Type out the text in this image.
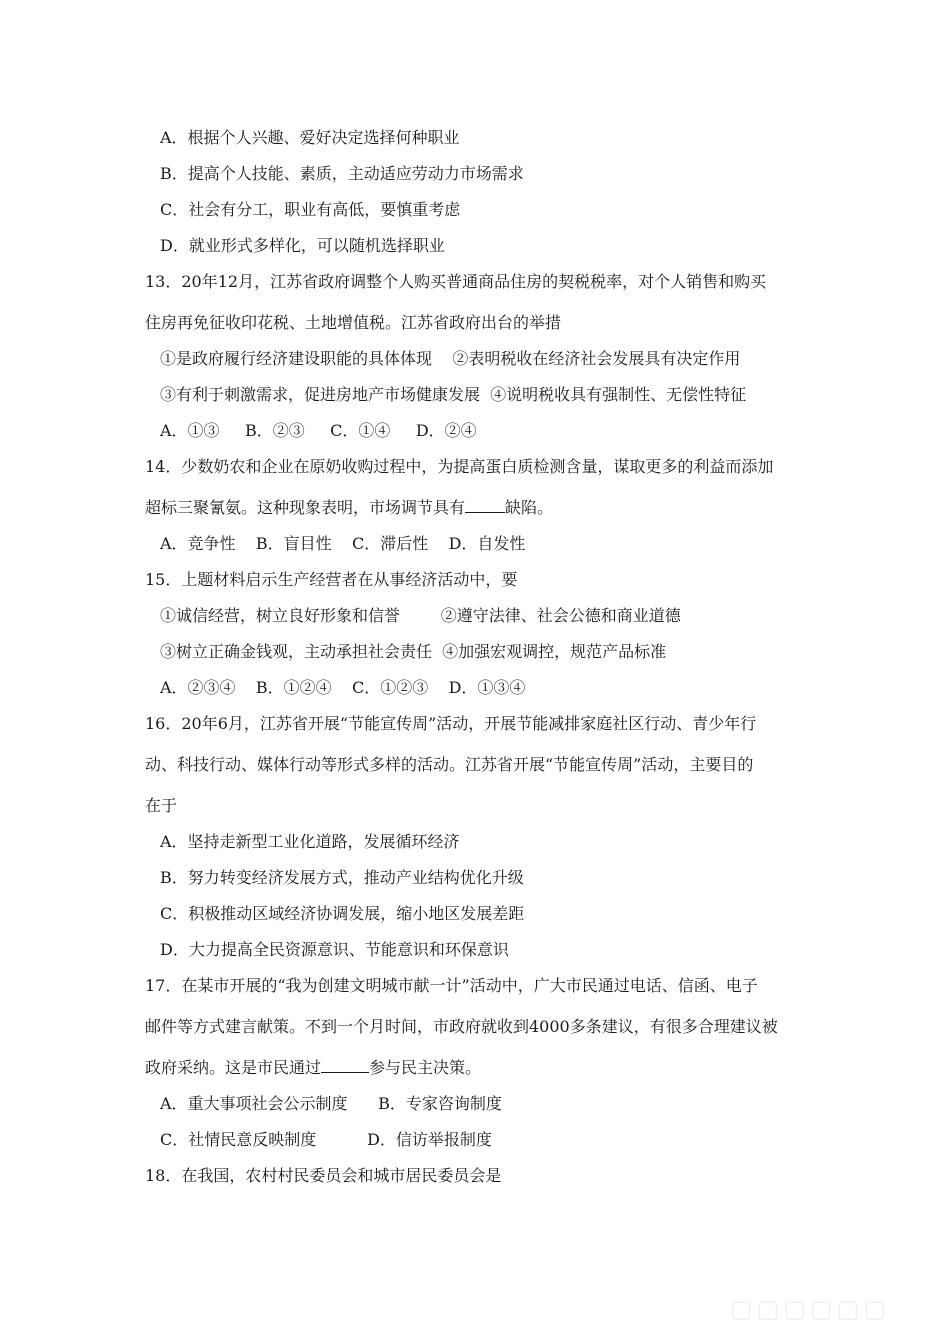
A．根据个人兴趣、爱好决定选择何种职业
B．提高个人技能、素质，主动适应劳动力市场需求
C．社会有分工，职业有高低，要慎重考虑
D．就业形式多样化，可以随机选择职业
13．20年12月，江苏省政府调整个人购买普通商品住房的契税税率，对个人销售和购买
住房再免征收印花税、土地增值税。江苏省政府出台的举措
①是政府履行经济建设职能的具体体现    ②表明税收在经济社会发展具有决定作用
③有利于刺激需求，促进房地产市场健康发展  ④说明税收具有强制性、无偿性特征
A．①③     B．②③     C．①④     D．②④
14．少数奶农和企业在原奶收购过程中，为提高蛋白质检测含量，谋取更多的利益而添加
超标三聚氰氨。这种现象表明，市场调节具有	缺陷。
A．竞争性    B．盲目性    C．滞后性    D．自发性
15．上题材料启示生产经营者在从事经济活动中，要
①诚信经营，树立良好形象和信誉        ②遵守法律、社会公德和商业道德
③树立正确金钱观，主动承担社会责任  ④加强宏观调控，规范产品标准
A．②③④    B．①②④    C．①②③    D．①③④
16．20年6月，江苏省开展“节能宣传周”活动，开展节能减排家庭社区行动、青少年行
动、科技行动、媒体行动等形式多样的活动。江苏省开展“节能宣传周”活动，主要目的
在于
A．坚持走新型工业化道路，发展循环经济
B．努力转变经济发展方式，推动产业结构优化升级
C．积极推动区域经济协调发展，缩小地区发展差距
D．大力提高全民资源意识、节能意识和环保意识
17．在某市开展的“我为创建文明城市献一计”活动中，广大市民通过电话、信函、电子
邮件等方式建言献策。不到一个月时间，市政府就收到4000多条建议，有很多合理建议被
政府采纳。这是市民通过	参与民主决策。
A．重大事项社会公示制度      B．专家咨询制度
C．社情民意反映制度          D．信访举报制度
18．在我国，农村村民委员会和城市居民委员会是
▢▢▢▢▢▢
